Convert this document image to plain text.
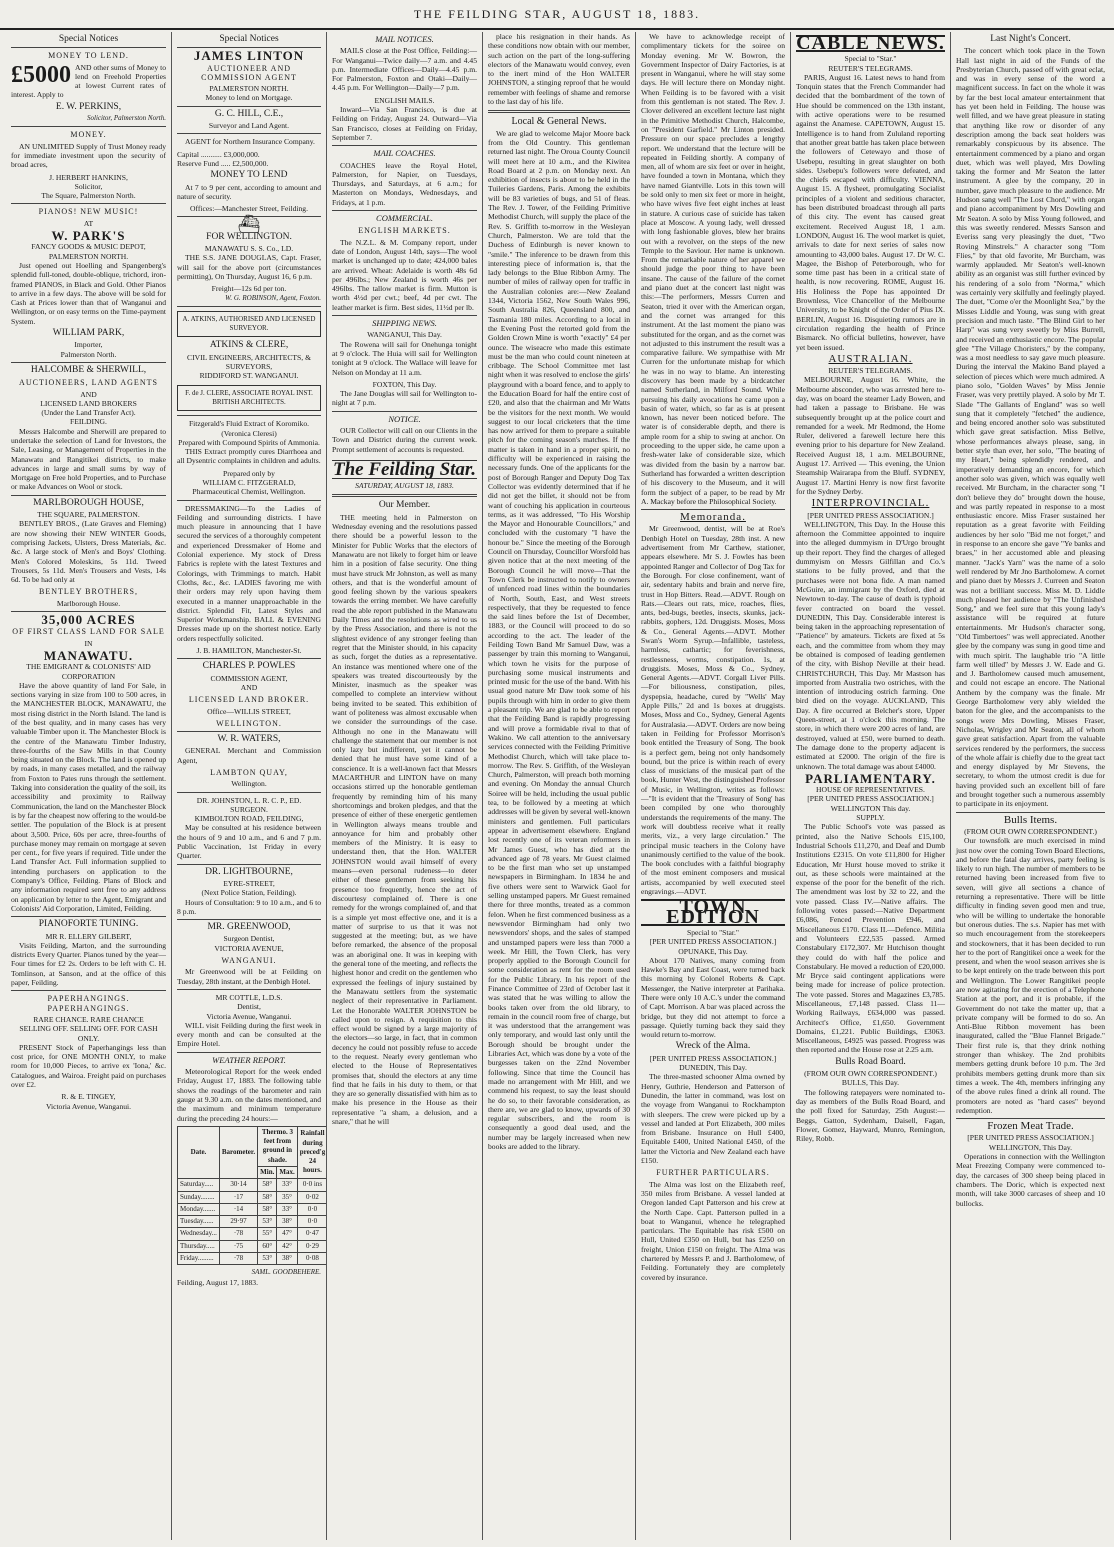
THE FEILDING STAR, AUGUST 18, 1883.
Special Notices
MONEY TO LEND.
£5000 AND other sums of Money to lend on Freehold Properties at lowest Current rates of interest. Apply to
E. W. PERKINS,
Solicitor, Palmerston North.
MONEY.
AN UNLIMITED Supply of Trust Money ready for immediate investment upon the security of broad acres,
J. HERBERT HANKINS,
Solicitor,
The Square, Palmerston North.
PIANOS! NEW MUSIC!
AT
W. PARK'S
FANCY GOODS & MUSIC DEPOT, PALMERSTON NORTH.
Just opened out Hoelling and Spangenberg's splendid full-toned, double-oblique, trichord, iron-framed PIANOS, in Black and Gold. Other Pianos to arrive in a few days. The above will be sold for Cash at Prices lower than that of Wanganui and Wellington, or on easy terms on the Time-payment System.
WILLIAM PARK,
Importer,
Palmerston North.
HALCOMBE & SHERWILL,
AUCTIONEERS, LAND AGENTS
AND
LICENSED LAND BROKERS
(Under the Land Transfer Act).
FEILDING.
Messrs Halcombe and Sherwill are prepared to undertake the selection of Land for Investors, the Sale, Leasing, or Management of Properties in the Manawatu and Rangitikei districts, to make advances in large and small sums by way of Mortgage on Free hold Properties, and to Purchase or make Advances on Wool or stock.
MARLBOROUGH HOUSE,
THE SQUARE, PALMERSTON.
BENTLEY BROS., (Late Graves and Fleming) are now showing their NEW WINTER Goods, comprising Jackets, Ulsters, Dress Materials, &c. &c. A large stock of Men's and Boys' Clothing. Men's Colored Moleskins, 5s 11d. Tweed Trousers, 5s 11d. Men's Trousers and Vests, 14s 6d. To be had only at
BENTLEY BROTHERS,
Marlborough House.
35,000 ACRES
OF FIRST CLASS LAND FOR SALE
IN
MANAWATU.
THE EMIGRANT & COLONISTS' AID CORPORATION
Have the above quantity of land For Sale, in sections varying in size from 100 to 500 acres, in the MANCHESTER BLOCK, MANAWATU, the most rising district in the North Island. The land is of the best quality, and in many cases has very valuable Timber upon it. The Manchester Block is the centre of the Manawatu Timber Industry, three-fourths of the Saw Mills in that County being situated on the Block. The land is opened up by roads, in many cases metalled, and the railway from Foxton to Pates runs through the settlement. Taking into consideration the quality of the soil, its accessibility and proximity to Railway Communication, the land on the Manchester Block is by far the cheapest now offering to the would-be settler. The population of the Block is at present about 3,500. Price, 60s per acre, three-fourths of purchase money may remain on mortgage at seven per cent., for five years if required. Title under the Land Transfer Act. Full information supplied to intending purchasers on application to the Company's Office, Feilding. Plans of Block and any information required sent free to any address on application by letter to the Agent, Emigrant and Colonists' Aid Corporation, Limited, Feilding.
PIANOFORTE TUNING.
MR R. ELLERY GILBERT,
Visits Feilding, Marton, and the surrounding districts Every Quarter. Pianos tuned by the year—Four times for £2 2s. Orders to be left with C. H. Tomlinson, at Sanson, and at the office of this paper, Feilding.
PAPERHANGINGS. PAPERHANGINGS.
RARE CHANCE. RARE CHANCE
SELLING OFF. SELLING OFF. FOR CASH ONLY.
PRESENT Stock of Paperhangings less than cost price, for ONE MONTH ONLY, to make room for 10,000 Pieces, to arrive ex 'Iona,' &c. Catalogues, and Wairoa. Freight paid on purchases over £2.
R. & E. TINGEY,
Victoria Avenue, Wanganui.
Special Notices
JAMES LINTON
AUCTIONEER AND COMMISSION AGENT
PALMERSTON NORTH.
Money to lend on Mortgage.
G. C. HILL, C.E.,
Surveyor and Land Agent.
AGENT for Northern Insurance Company.
Capital ........... £3,000,000.
Reserve Fund ..... £2,500,000.
MONEY TO LEND
At 7 to 9 per cent, according to amount and nature of security.
Offices:—Manchester Street, Feilding.
⛴
FOR WELLINGTON.
MANAWATU S. S. Co., LD.
THE S.S. JANE DOUGLAS, Capt. Fraser, will sail for the above port (circumstances permitting), On Thursday, August 16, 6 p.m.
Freight—12s 6d per ton.
W. G. ROBINSON, Agent, Foxton.
A. ATKINS, AUTHORISED AND LICENSED SURVEYOR.
ATKINS & CLERE,
CIVIL ENGINEERS, ARCHITECTS, & SURVEYORS,
RIDDIFORD ST. WANGANUI.
F. de J. CLERE, ASSOCIATE ROYAL INST. BRITISH ARCHITECTS.
Fitzgerald's Fluid Extract of Koromiko. (Veronica Cleresi)
Prepared with Compound Spirits of Ammonia.
THIS Extract promptly cures Diarrhoea and all Dysentric complaints in children and adults.
Prepared only by
WILLIAM C. FITZGERALD,
Pharmaceutical Chemist, Wellington.
DRESSMAKING—To the Ladies of Feilding and surrounding districts. I have much pleasure in announcing that I have secured the services of a thoroughly competent and experienced Dressmaker of Home and Colonial experience. My stock of Dress Fabrics is replete with the latest Textures and Colorings, with Trimmings to match. Habit Cloths, &c., &c. LADIES favoring me with their orders may rely upon having them executed in a manner unapproachable in the district. Splendid Fit, Latest Styles and Superior Workmanship. BALL & EVENING Dresses made up on the shortest notice. Early orders respectfully solicited.
J. B. HAMILTON, Manchester-St.
CHARLES P. POWLES
COMMISSION AGENT,
AND
LICENSED LAND BROKER.
Office—WILLIS STREET,
WELLINGTON.
W. R. WATERS,
GENERAL Merchant and Commission Agent,
LAMBTON QUAY,
Wellington.
DR. JOHNSTON, L. R. C. P., ED. SURGEON.
KIMBOLTON ROAD, FEILDING,
May be consulted at his residence between the hours of 9 and 10 a.m., and 6 and 7 p.m. Public Vaccination, 1st Friday in every Quarter.
DR. LIGHTBOURNE,
EYRE-STREET,
(Next Police Station, Feilding).
Hours of Consultation: 9 to 10 a.m., and 6 to 8 p.m.
MR. GREENWOOD,
Surgeon Dentist,
VICTORIA AVENUE,
WANGANUI.
Mr Greenwood will be at Feilding on Tuesday, 28th instant, at the Denbigh Hotel.
MR COTTLE, L.D.S.
Dentist,
Victoria Avenue, Wanganui.
WILL visit Feilding during the first week in every month and can be consulted at the Empire Hotel.
WEATHER REPORT.
Meteorological Report for the week ended Friday, August 17, 1883. The following table shows the readings of the barometer and rain gauge at 9.30 a.m. on the dates mentioned, and the maximum and minimum temperature during the preceding 24 hours:—
Date.	Barometer.	Thermo. 3 feet from ground in shade.		Rainfall during preced'g 24 hours.
		Min.	Max.	
Saturday.....	30·14	58°	33°	0·0 ins
Sunday........	·17	58°	35°	0·02
Monday.......	·14	58°	33°	0·0
Tuesday......	29·97	53°	38°	0·0
Wednesday...	·78	55°	47°	0·47
Thursday.....	·75	60°	42°	0·29
Friday.........	·78	53°	38°	0·08
SAML. GOODBEHERE.
Feilding, August 17, 1883.
MAIL NOTICES.
MAILS close at the Post Office, Feilding:— For Wanganui—Twice daily—7 a.m. and 4.45 p.m. Intermediate Offices—Daily—4.45 p.m. For Palmerston, Foxton and Otaki—Daily—4.45 p.m. For Wellington—Daily—7 p.m.
ENGLISH MAILS.
Inward—Via San Francisco, is due at Feilding on Friday, August 24. Outward—Via San Francisco, closes at Feilding on Friday, September 7.
MAIL COACHES.
COACHES leave the Royal Hotel, Palmerston, for Napier, on Tuesdays, Thursdays, and Saturdays, at 6 a.m.; for Masterton on Mondays, Wednesdays, and Fridays, at 1 p.m.
COMMERCIAL.
ENGLISH MARKETS.
The N.Z.L. & M. Company report, under date of London, August 14th, says—The wool market is unchanged up to date; 424,000 bales are arrived. Wheat: Adelaide is worth 48s 6d per 496lbs.; New Zealand is worth 46s per 496lbs. The tallow market is firm. Mutton is worth 4½d per cwt.; beef, 4d per cwt. The leather market is firm. Best sides, 11½d per lb.
SHIPPING NEWS.
WANGANUI, This Day.
The Rowena will sail for Onehunga tonight at 9 o'clock. The Huia will sail for Wellington tonight at 9 o'clock. The Wallace will leave for Nelson on Monday at 11 a.m.
FOXTON, This Day.
The Jane Douglas will sail for Wellington to-night at 7 p.m.
NOTICE.
OUR Collector will call on our Clients in the Town and District during the current week. Prompt settlement of accounts is requested.
The Feilding Star.
SATURDAY, AUGUST 18, 1883.
Our Member.
THE meeting held in Palmerston on Wednesday evening and the resolutions passed there should be a powerful lesson to the Minister for Public Works that the electors of Manawatu are not likely to forget him or leave him in a position of false security. One thing must have struck Mr Johnston, as well as many others, and that is the wonderful amount of good feeling shown by the various speakers towards the erring member. We have carefully read the able report published in the Manawatu Daily Times and the resolutions as wired to us by the Press Association, and there is not the slightest evidence of any stronger feeling than regret that the Minister should, in his capacity as such, forget the duties as a representative. An instance was mentioned where one of the speakers was treated discourteously by the Minister, inasmuch as the speaker was compelled to complete an interview without being invited to be seated. This exhibition of want of politeness was almost excusable when we consider the surroundings of the case. Although no one in the Manawatu will challenge the statement that our member is not only lazy but indifferent, yet it cannot be denied that he must have some kind of a conscience. It is a well-known fact that Messrs MACARTHUR and LINTON have on many occasions stirred up the honorable gentleman frequently by reminding him of his many shortcomings and broken pledges, and that the presence of either of these energetic gentlemen in Wellington always means trouble and annoyance for him and probably other members of the Ministry. It is easy to understand then, that the Hon. WALTER JOHNSTON would avail himself of every means—even personal rudeness—to deter either of these gentlemen from seeking his presence too frequently, hence the act of discourtesy complained of. There is one remedy for the wrongs complained of, and that is a simple yet most effective one, and it is a matter of surprise to us that it was not suggested at the meeting; but, as we have before remarked, the absence of the proposal was an aboriginal one. It was in keeping with the general tone of the meeting, and reflects the highest honor and credit on the gentlemen who expressed the feelings of injury sustained by the Manawatu settlers from the systematic neglect of their representative in Parliament. Let the Honorable WALTER JOHNSTON be called upon to resign. A requisition to this effect would be signed by a large majority of the electors—so large, in fact, that in common decency he could not possibly refuse to accede to the request. Nearly every gentleman who elected to the House of Representatives promises that, should the electors at any time find that he fails in his duty to them, or that they are so generally dissatisfied with him as to make his presence in the House as their representative "a sham, a delusion, and a snare," that he will
place his resignation in their hands. As these conditions now obtain with our member, such action on the part of the long-suffering electors of the Manawatu would convey, even to the inert mind of the Hon WALTER JOHNSTON, a stinging reproof that he would remember with feelings of shame and remorse to the last day of his life.
Local & General News.
We are glad to welcome Major Moore back from the Old Country. This gentleman returned last night. The Oroua County Council will meet here at 10 a.m., and the Kiwitea Road Board at 2 p.m. on Monday next. An exhibition of insects is about to be held in the Tuileries Gardens, Paris. Among the exhibits will be 83 varieties of bugs, and 51 of fleas. The Rev. J. Tower, of the Feilding Primitive Methodist Church, will supply the place of the Rev. S. Griffith to-morrow in the Wesleyan Church, Palmerston. We are told that the Duchess of Edinburgh is never known to "smile." The inference to be drawn from this interesting piece of information is, that the lady belongs to the Blue Ribbon Army. The number of miles of railway open for traffic in the Australian colonies are:—New Zealand 1344, Victoria 1562, New South Wales 996, South Australia 826, Queensland 800, and Tasmania 180 miles. According to a local in the Evening Post the retorted gold from the Golden Crown Mine is worth "exactly" £4 per ounce. The wiseacre who made this estimate must be the man who could count nineteen at cribbage. The School Committee met last night when it was resolved to enclose the girls' playground with a board fence, and to apply to the Education Board for half the entire cost of £20, and also that the chairman and Mr Watts be the visitors for the next month. We would suggest to our local cricketers that the time has now arrived for them to prepare a suitable pitch for the coming season's matches. If the matter is taken in hand in a proper spirit, no difficulty will be experienced in raising the necessary funds. One of the applicants for the post of Borough Ranger and Deputy Dog Tax Collector was evidently determined that if he did not get the billet, it should not be from want of couching his application in courteous terms, as it was addressed, "To His Worship the Mayor and Honourable Councillors," and concluded with the customary "I have the honour be." Since the meeting of the Borough Council on Thursday, Councillor Worsfold has given notice that at the next meeting of the Borough Council he will move—That the Town Clerk be instructed to notify to owners of unfenced road lines within the boundaries of North, South, East, and West streets respectively, that they be requested to fence the said lines before the 1st of December, 1883, or the Council will proceed to do so according to the act. The leader of the Feilding Town Band Mr Samuel Daw, was a passenger by train this morning to Wanganui, which town he visits for the purpose of purchasing some musical instruments and printed music for the use of the band. With his usual good nature Mr Daw took some of his pupils through with him in order to give them a pleasant trip. We are glad to be able to report that the Feilding Band is rapidly progressing and will prove a formidable rival to that of Wakino. We call attention to the anniversary services connected with the Feilding Primitive Methodist Church, which will take place to-morrow. The Rev. S. Griffith, of the Wesleyan Church, Palmerston, will preach both morning and evening. On Monday the annual Church Soiree will be held, including the usual public tea, to be followed by a meeting at which addresses will be given by several well-known ministers and gentlemen. Full particulars appear in advertisement elsewhere. England lost recently one of its veteran reformers in Mr James Guest, who has died at the advanced age of 78 years. Mr Guest claimed to be the first man who set up unstamped newspapers in Birmingham. In 1834 he and five others were sent to Warwick Gaol for selling unstamped papers. Mr Guest remained there for three months, treated as a common felon. When he first commenced business as a newsvendor Birmingham had only two newsvendors' shops, and the sales of stamped and unstamped papers were less than 7000 a week. Mr Hill, the Town Clerk, has very properly applied to the Borough Council for some consideration as rent for the room used for the Public Library. In his report of the Finance Committee of 23rd of October last it was stated that he was willing to allow the books taken over from the old library, to remain in the council room free of charge, but it was understood that the arrangement was only temporary, and would last only until the Borough should be brought under the Libraries Act, which was done by a vote of the burgesses taken on the 22nd November following. Since that time the Council has made no arrangement with Mr Hill, and we commend his request, to say the least should he do so, to their favorable consideration, as there are, we are glad to know, upwards of 30 regular subscribers, and the room is consequently a good deal used, and the number may be largely increased when new books are added to the library.
We have to acknowledge receipt of complimentary tickets for the soiree on Monday evening. Mr W. Bowron, the Government Inspector of Dairy Factories, is at present in Wanganui, where he will stay some days. He will lecture there on Monday night. When Feilding is to be favored with a visit from this gentleman is not stated. The Rev. J. Clover delivered an excellent lecture last night in the Primitive Methodist Church, Halcombe, on "President Garfield." Mr Linton presided. Pressure on our space precludes a lengthy report. We understand that the lecture will be repeated in Feilding shortly. A company of men, all of whom are six feet or over in height, have founded a town in Montana, which they have named Giantville. Lots in this town will be sold only to men six feet or more in height, who have wives five feet eight inches at least in stature. A curious case of suicide has taken place at Moscow. A young lady, well dressed with long fashionable gloves, blew her brains out with a revolver, on the steps of the new Temple to the Saviour. Her name is unknown. From the remarkable nature of her apparel we should judge the poor thing to have been insane. The cause of the failure of the cornet and piano duet at the concert last night was this:—The performers, Messrs Curren and Seaton, tried it over with the American organ, and the cornet was arranged for this instrument. At the last moment the piano was substituted for the organ, and as the cornet was not adjusted to this instrument the result was a comparative failure. We sympathise with Mr Curren for the unfortunate mishap for which he was in no way to blame. An interesting discovery has been made by a birdcatcher named Sutherland, in Milford Sound. While pursuing his daily avocations he came upon a basin of water, which, so far as is at present known, has never been noticed before. The water is of considerable depth, and there is ample room for a ship to swing at anchor. On proceeding to the upper side, he came upon a fresh-water lake of considerable size, which was divided from the basin by a narrow bar. Sutherland has forwarded a written description of his discovery to the Museum, and it will form the subject of a paper, to be read by Mr A. Mackay before the Philosophical Society.
Memoranda.
Mr Greenwood, dentist, will be at Roe's Denbigh Hotel on Tuesday, 28th inst. A new advertisement from Mr Carthew, stationer, appears elsewhere. Mr S. J. Fowles has been appointed Ranger and Collector of Dog Tax for the Borough. For close confinement, want of air, sedentary habits and brain and nerve fire, trust in Hop Bitters. Read.—ADVT. Rough on Rats.—Clears out rats, mice, roaches, flies, ants, bed-bugs, beetles, insects, skunks, jack-rabbits, gophers, 12d. Druggists. Moses, Moss & Co., General Agents.—ADVT. Mother Swan's Worm Syrup.—Infallible, tasteless, harmless, cathartic; for feverishness, restlessness, worms, constipation. 1s, at druggists. Moses, Moss & Co., Sydney, General Agents.—ADVT. Corgall Liver Pills.—For biliousness, constipation, piles, dyspepsia, headache, cured by "Wells' May Apple Pills," 2d and 1s boxes at druggists. Moses, Moss and Co., Sydney, General Agents for Australasia.—ADVT. Orders are now being taken in Feilding for Professor Morrison's book entitled the Treasury of Song. The book is a perfect gem, being not only handsomely bound, but the price is within reach of every class of musicians of the musical part of the book, Hunter West, the distinguished Professor of Music, in Wellington, writes as follows:—"It is evident that the 'Treasury of Song' has been compiled by one who thoroughly understands the requirements of the many. The work will doubtless receive what it really merits, viz., a very large circulation." The principal music teachers in the Colony have unanimously certified to the value of the book. The book concludes with a faithful biography of the most eminent composers and musical artists, accompanied by well executed steel engravings.—ADVT.
TOWN EDITION
Special to "Star."
[PER UNITED PRESS ASSOCIATION.]
OPUNAKE, This Day.
About 170 Natives, many coming from Hawke's Bay and East Coast, were turned back this morning by Colonel Roberts & Capt. Messenger, the Native interpreter at Parihaka. There were only 10 A.C.'s under the command of Capt. Morrison. A bar was placed across the bridge, but they did not attempt to force a passage. Quietly turning back they said they would return to-morrow.
Wreck of the Alma.
[PER UNITED PRESS ASSOCIATION.]
DUNEDIN, This Day.
The three-masted schooner Alma owned by Henry, Guthrie, Henderson and Patterson of Dunedin, the latter in command, was lost on the voyage from Wanganui to Rockhampton with sleepers. The crew were picked up by a vessel and landed at Port Elizabeth, 300 miles from Brisbane. Insurance on Hull £400, Equitable £400, United National £450, of the latter the Victoria and New Zealand each have £150.
FURTHER PARTICULARS.
The Alma was lost on the Elizabeth reef, 350 miles from Brisbane. A vessel landed at Oregon landed Capt Patterson and his crew at the North Cape. Capt. Patterson pulled in a boat to Wanganui, whence he telegraphed particulars. The Equitable has risk £500 on Hull, United £350 on Hull, but has £250 on freight, Union £150 on freight. The Alma was chartered by Messrs P. and J. Bartholomew, of Feilding. Fortunately they are completely covered by insurance.
CABLE NEWS.
Special to "Star."
REUTER'S TELEGRAMS.
PARIS, August 16. Latest news to hand from Tonquin states that the French Commander had decided that the bombardment of the town of Hue should be commenced on the 13th instant, with active operations were to be resumed against the Anamese. CAPETOWN, August 15. Intelligence is to hand from Zululand reporting that another great battle has taken place between the followers of Cetewayo and those of Usebepu, resulting in great slaughter on both sides. Usebepu's followers were defeated, and the chiefs escaped with difficulty. VIENNA, August 15. A flysheet, promulgating Socialist principles of a violent and seditious character, has been distributed broadcast through all parts of this city. The event has caused great excitement. Received August 18, 1 a.m. LONDON, August 16. The wool market is quiet, arrivals to date for next series of sales now amounting to 43,000 bales. August 17. Dr W. C. Magee, the Bishop of Peterborough, who for some time past has been in a critical state of health, is now recovering. ROME, August 16. His Holiness the Pope has appointed Dr Brownless, Vice Chancellor of the Melbourne University, to be Knight of the Order of Pius IX. BERLIN, August 16. Disquieting rumors are in circulation regarding the health of Prince Bismarck. No official bulletins, however, have yet been issued.
AUSTRALIAN.
REUTER'S TELEGRAMS.
MELBOURNE, August 16. White, the Melbourne absconder, who was arrested here to-day, was on board the steamer Lady Bowen, and had taken a passage to Brisbane. He was subsequently brought up at the police court and remanded for a week. Mr Redmond, the Home Ruler, delivered a farewell lecture here this evening prior to his departure for New Zealand. Received August 18, 1 a.m. MELBOURNE, August 17. Arrived — This evening, the Union Steamship Wairarapa from the Bluff. SYDNEY, August 17. Martini Henry is now first favorite for the Sydney Derby.
INTERPROVINCIAL.
[PER UNITED PRESS ASSOCIATION.]
WELLINGTON, This Day. In the House this afternoon the Committee appointed to inquire into the alleged dummyism in D'Urgo brought up their report. They find the charges of alleged dummyism on Messrs Gilfillan and Co.'s stations to be fully proved, and that the purchases were not bona fide. A man named McGuire, an immigrant by the Oxford, died at Newtown to-day. The cause of death is typhoid fever contracted on board the vessel. DUNEDIN, This Day. Considerable interest is being taken in the approaching representation of "Patience" by amateurs. Tickets are fixed at 5s each, and the committee from whom they may be obtained is composed of leading gentlemen of the city, with Bishop Neville at their head. CHRISTCHURCH, This Day. Mr Mastson has imported from Australia two ostriches, with the intention of introducing ostrich farming. One bird died on the voyage. AUCKLAND, This Day. A fire occurred at Belcher's store, Upper Queen-street, at 1 o'clock this morning. The store, in which there were 200 acres of land, are destroyed, valued at £50, were burned to death. The damage done to the property adjacent is estimated at £2000. The origin of the fire is unknown. The total damage was about £4000.
PARLIAMENTARY.
HOUSE OF REPRESENTATIVES.
[PER UNITED PRESS ASSOCIATION.]
WELLINGTON This day.
SUPPLY.
The Public School's vote was passed as printed, also the Native Schools £15,100, Industrial Schools £11,270, and Deaf and Dumb Institutions £2315. On vote £11,800 for Higher Education, Mr Hurst house moved to strike it out, as these schools were maintained at the expense of the poor for the benefit of the rich. The amendment was lost by 32 to 22, and the vote passed. Class IV.—Native affairs. The following votes passed:—Native Department £6,086, Fenced Prevention £946, and Miscellaneous £170. Class II.—Defence. Militia and Volunteers £22,535 passed. Armed Constabulary £172,307. Mr Hutchison thought they could do with half the police and Constabulary. He moved a reduction of £20,000. Mr Bryce said contingent applications were being made for increase of police protection. The vote passed. Stores and Magazines £3,785. Miscellaneous, £7,148 passed. Class 11—Working Railways, £634,000 was passed. Architect's Office, £1,650. Government Domains, £1,221. Public Buildings, £3063. Miscellaneous, £4925 was passed. Progress was then reported and the House rose at 2.25 a.m.
Bulls Road Board.
(FROM OUR OWN CORRESPONDENT.)
BULLS, This Day.
The following ratepayers were nominated to-day as members of the Bulls Road Board, and the poll fixed for Saturday, 25th August:—Beggs, Gatton, Sydenham, Daisell, Fagan, Flower, Gomez, Hayward, Munro, Remington, Riley, Robb.
Last Night's Concert.
The concert which took place in the Town Hall last night in aid of the Funds of the Presbyterian Church, passed off with great eclat, and was in every sense of the word a magnificent success. In fact on the whole it was by far the best local amateur entertainment that has yet been held in Feilding. The house was well filled, and we have great pleasure in stating that anything like row or disorder of any description among the back seat holders was remarkably conspicuous by its absence. The entertainment commenced by a piano and organ duet, which was well played, Mrs Dowling taking the former and Mr Seaton the latter instrument. A glee by the company, 20 in number, gave much pleasure to the audience. Mr Hudson sang well "The Lost Chord," with organ and piano accompaniment by Mrs Dowling and Mr Seaton. A solo by Miss Young followed, and this was sweetly rendered. Messrs Sanson and Everiss sang very pleasingly the duet, "Two Roving Minstrels." A character song "Tom Flies," by that old favorite, Mr Burcham, was warmly applauded. Mr Seaton's well-known ability as an organist was still further evinced by his rendering of a solo from "Norma," which was certainly very skilfully and feelingly played. The duet, "Come o'er the Moonlight Sea," by the Misses Liddle and Young, was sung with great precision and much taste. "The Blind Girl to her Harp" was sung very sweetly by Miss Burrell, and received an enthusiastic encore. The popular glee "The Village Choristers," by the company, was a most needless to say gave much pleasure. During the interval the Makino Band played a selection of pieces which were much admired. A piano solo, "Golden Waves" by Miss Jennie Fraser, was very prettily played. A solo by Mr T. Slade "The Gallants of England" was so well sung that it completely "fetched" the audience, and being encored another solo was substituted which gave great satisfaction. Miss Bellve, whose performances always please, sang, in better style than ever, her solo, "The beating of my Heart," being splendidly rendered, and imperatively demanding an encore, for which another solo was given, which was equally well received. Mr Burcham, in the character song "I don't believe they do" brought down the house, and was partly repeated in response to a most enthusiastic encore. Miss Fraser sustained her reputation as a great favorite with Feilding audiences by her solo "Bid me not forget," and in response to an encore she gave "Ye banks and braes," in her accustomed able and pleasing manner. "Jack's Yarn" was the name of a solo well rendered by Mr Jno Bartholomew. A cornet and piano duet by Messrs J. Curreen and Seaton was not a brilliant success. Miss M. D. Liddle much pleased her audience by "The Unfinished Song," and we feel sure that this young lady's assistance will be required at future entertainments. Mr Hudson's character song, "Old Timbertoes" was well appreciated. Another glee by the company was sung in good time and with much spirit. The laughable trio "A little farm well tilled" by Messrs J. W. Eade and G. and J. Bartholomew caused much amusement, and could not escape an encore. The National Anthem by the company was the finale. Mr George Bartholomew very ably wielded the baton for the glee, and the accompanists to the songs were Mrs Dowling, Misses Fraser, Nicholas, Wrigley and Mr Seaton, all of whom gave great satisfaction. Apart from the valuable services rendered by the performers, the success of the whole affair is chiefly due to the great tact and energy displayed by Mr Stevens, the secretary, to whom the utmost credit is due for having provided such an excellent bill of fare and brought together such a numerous assembly to participate in its enjoyment.
Bulls Items.
(FROM OUR OWN CORRESPONDENT.)
Our townsfolk are much exercised in mind just now over the coming Town Board Elections, and before the fatal day arrives, party feeling is likely to run high. The number of members to be returned having been increased from five to seven, will give all sections a chance of returning a representative. There will be little difficulty in finding seven good men and true, who will be willing to undertake the honorable but onerous duties. The s.s. Napier has met with so much encouragement from the storekeepers and stockowners, that it has been decided to run her to the port of Rangitikei once a week for the present, and when the wool season arrives she is to be kept entirely on the trade between this port and Wellington. The Lower Rangitikei people are now agitating for the erection of a Telephone Station at the port, and it is probable, if the Government do not take the matter up, that a private company will be formed to do so. An Anti-Blue Ribbon movement has been inaugurated, called the "Blue Flannel Brigade." Their first rule is, that they drink nothing stronger than whiskey. The 2nd prohibits members getting drunk before 10 p.m. The 3rd prohibits members getting drunk more than six times a week. The 4th, members infringing any of the above rules fined a drink all round. The promoters are noted as "hard cases" beyond redemption.
Frozen Meat Trade.
[PER UNITED PRESS ASSOCIATION.]
WELLINGTON, This Day.
Operations in connection with the Wellington Meat Freezing Company were commenced to-day, the carcases of 300 sheep being placed in chambers. The Doric, which is expected next month, will take 3000 carcases of sheep and 10 bullocks.
